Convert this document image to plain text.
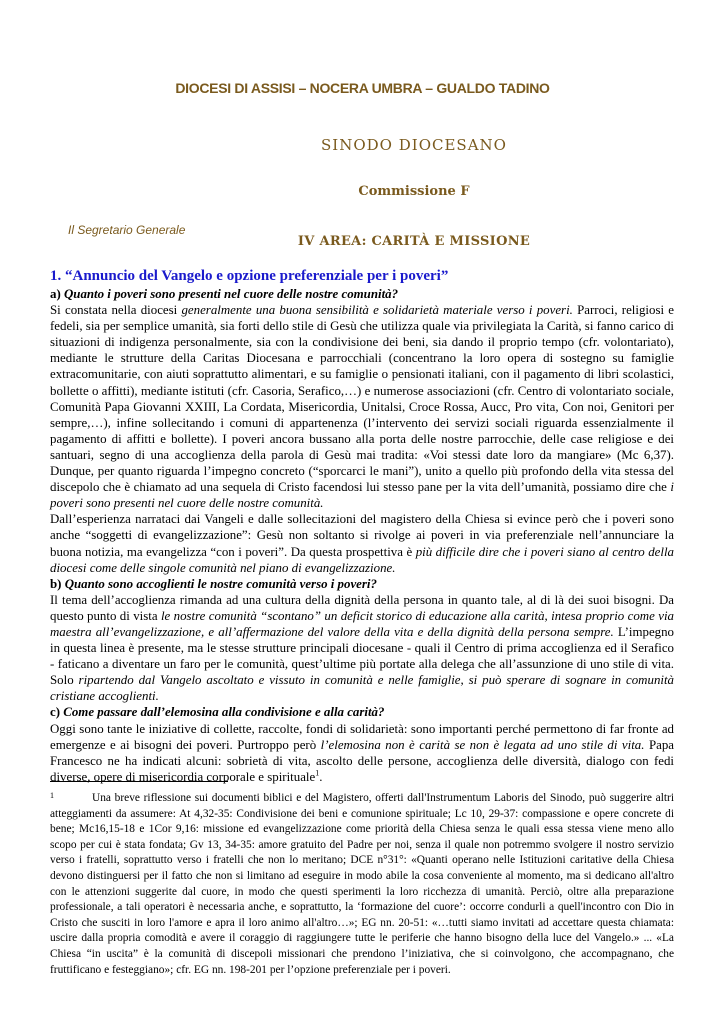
DIOCESI DI ASSISI – NOCERA UMBRA – GUALDO TADINO
SINODO DIOCESANO
Commissione F
Il Segretario Generale
IV AREA: CARITÀ E MISSIONE

1. “Annuncio del Vangelo e opzione preferenziale per i poveri”

a) Quanto i poveri sono presenti nel cuore delle nostre comunità?

Si constata nella diocesi generalmente una buona sensibilità e solidarietà materiale verso i poveri. Parroci, religiosi e fedeli, sia per semplice umanità, sia forti dello stile di Gesù che utilizza quale via privilegiata la Carità, si fanno carico di situazioni di indigenza personalmente, sia con la condivisione dei beni, sia dando il proprio tempo (cfr. volontariato), mediante le strutture della Caritas Diocesana e parrocchiali (concentrano la loro opera di sostegno su famiglie extracomunitarie, con aiuti soprattutto alimentari, e su famiglie o pensionati italiani, con il pagamento di libri scolastici, bollette o affitti), mediante istituti (cfr. Casoria, Serafico,…) e numerose associazioni (cfr. Centro di volontariato sociale, Comunità Papa Giovanni XXIII, La Cordata, Misericordia, Unitalsi, Croce Rossa, Aucc, Pro vita, Con noi, Genitori per sempre,…), infine sollecitando i comuni di appartenenza (l’intervento dei servizi sociali riguarda essenzialmente il pagamento di affitti e bollette). I poveri ancora bussano alla porta delle nostre parrocchie, delle case religiose e dei santuari, segno di una accoglienza della parola di Gesù mai tradita: «Voi stessi date loro da mangiare» (Mc 6,37). Dunque, per quanto riguarda l’impegno concreto (“sporcarci le mani”), unito a quello più profondo della vita stessa del discepolo che è chiamato ad una sequela di Cristo facendosi lui stesso pane per la vita dell’umanità, possiamo dire che i poveri sono presenti nel cuore delle nostre comunità.

Dall’esperienza narrataci dai Vangeli e dalle sollecitazioni del magistero della Chiesa si evince però che i poveri sono anche “soggetti di evangelizzazione”: Gesù non soltanto si rivolge ai poveri in via preferenziale nell’annunciare la buona notizia, ma evangelizza “con i poveri”. Da questa prospettiva è più difficile dire che i poveri siano al centro della diocesi come delle singole comunità nel piano di evangelizzazione.

b) Quanto sono accoglienti le nostre comunità verso i poveri?

Il tema dell’accoglienza rimanda ad una cultura della dignità della persona in quanto tale, al di là dei suoi bisogni. Da questo punto di vista le nostre comunità “scontano” un deficit storico di educazione alla carità, intesa proprio come via maestra all’evangelizzazione, e all’affermazione del valore della vita e della dignità della persona sempre. L’impegno in questa linea è presente, ma le stesse strutture principali diocesane - quali il Centro di prima accoglienza ed il Serafico - faticano a diventare un faro per le comunità, quest’ultime più portate alla delega che all’assunzione di uno stile di vita. Solo ripartendo dal Vangelo ascoltato e vissuto in comunità e nelle famiglie, si può sperare di sognare in comunità cristiane accoglienti.

c) Come passare dall’elemosina alla condivisione e alla carità?

Oggi sono tante le iniziative di collette, raccolte, fondi di solidarietà: sono importanti perché permettono di far fronte ad emergenze e ai bisogni dei poveri. Purtroppo però l’elemosina non è carità se non è legata ad uno stile di vita. Papa Francesco ne ha indicati alcuni: sobrietà di vita, ascolto delle persone, accoglienza delle diversità, dialogo con fedi diverse, opere di misericordia corporale e spirituale$^1$.

1	Una breve riflessione sui documenti biblici e del Magistero, offerti dall'Instrumentum Laboris del Sinodo, può suggerire altri atteggiamenti da assumere: At 4,32-35: Condivisione dei beni e comunione spirituale; Lc 10, 29-37: compassione e opere concrete di bene; Mc16,15-18 e 1Cor 9,16: missione ed evangelizzazione come priorità della Chiesa senza le quali essa stessa viene meno allo scopo per cui è stata fondata; Gv 13, 34-35: amore gratuito del Padre per noi, senza il quale non potremmo svolgere il nostro servizio verso i fratelli, soprattutto verso i fratelli che non lo meritano; DCE n°31°: «Quanti operano nelle Istituzioni caritative della Chiesa devono distinguersi per il fatto che non si limitano ad eseguire in modo abile la cosa conveniente al momento, ma si dedicano all'altro con le attenzioni suggerite dal cuore, in modo che questi sperimenti la loro ricchezza di umanità. Perciò, oltre alla preparazione professionale, a tali operatori è necessaria anche, e soprattutto, la ‘formazione del cuore’: occorre condurli a quell'incontro con Dio in Cristo che susciti in loro l'amore e apra il loro animo all'altro…»; EG nn. 20-51: «…tutti siamo invitati ad accettare questa chiamata: uscire dalla propria comodità e avere il coraggio di raggiungere tutte le periferie che hanno bisogno della luce del Vangelo.» ... «La Chiesa “in uscita” è la comunità di discepoli missionari che prendono l’iniziativa, che si coinvolgono, che accompagnano, che fruttificano e festeggiano»; cfr. EG nn. 198-201 per l’opzione preferenziale per i poveri.
